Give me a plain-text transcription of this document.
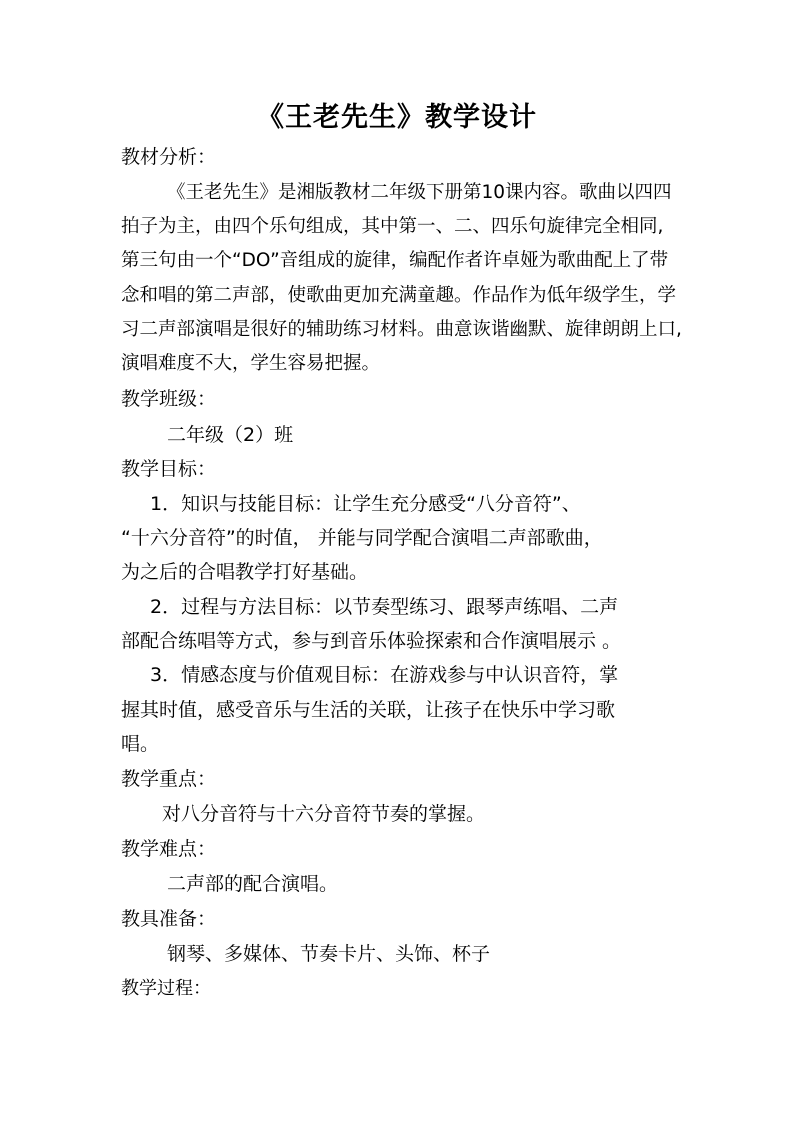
《王老先生》教学设计
教材分析：
《王老先生》是湘版教材二年级下册第10课内容。歌曲以四四
拍子为主，由四个乐句组成，其中第一、二、四乐句旋律完全相同,
第三句由一个“DO”音组成的旋律，编配作者许卓娅为歌曲配上了带
念和唱的第二声部，使歌曲更加充满童趣。作品作为低年级学生，学
习二声部演唱是很好的辅助练习材料。曲意诙谐幽默、旋律朗朗上口,
演唱难度不大，学生容易把握。
教学班级：
二年级（2）班
教学目标：
1．知识与技能目标：让学生充分感受“八分音符”、
“十六分音符”的时值， 并能与同学配合演唱二声部歌曲，
为之后的合唱教学打好基础。
2．过程与方法目标：以节奏型练习、跟琴声练唱、二声
部配合练唱等方式，参与到音乐体验探索和合作演唱展示 。
3．情感态度与价值观目标：在游戏参与中认识音符，掌
握其时值，感受音乐与生活的关联，让孩子在快乐中学习歌
唱。
教学重点：
对八分音符与十六分音符节奏的掌握。
教学难点：
二声部的配合演唱。
教具准备：
钢琴、多媒体、节奏卡片、头饰、杯子
教学过程：
